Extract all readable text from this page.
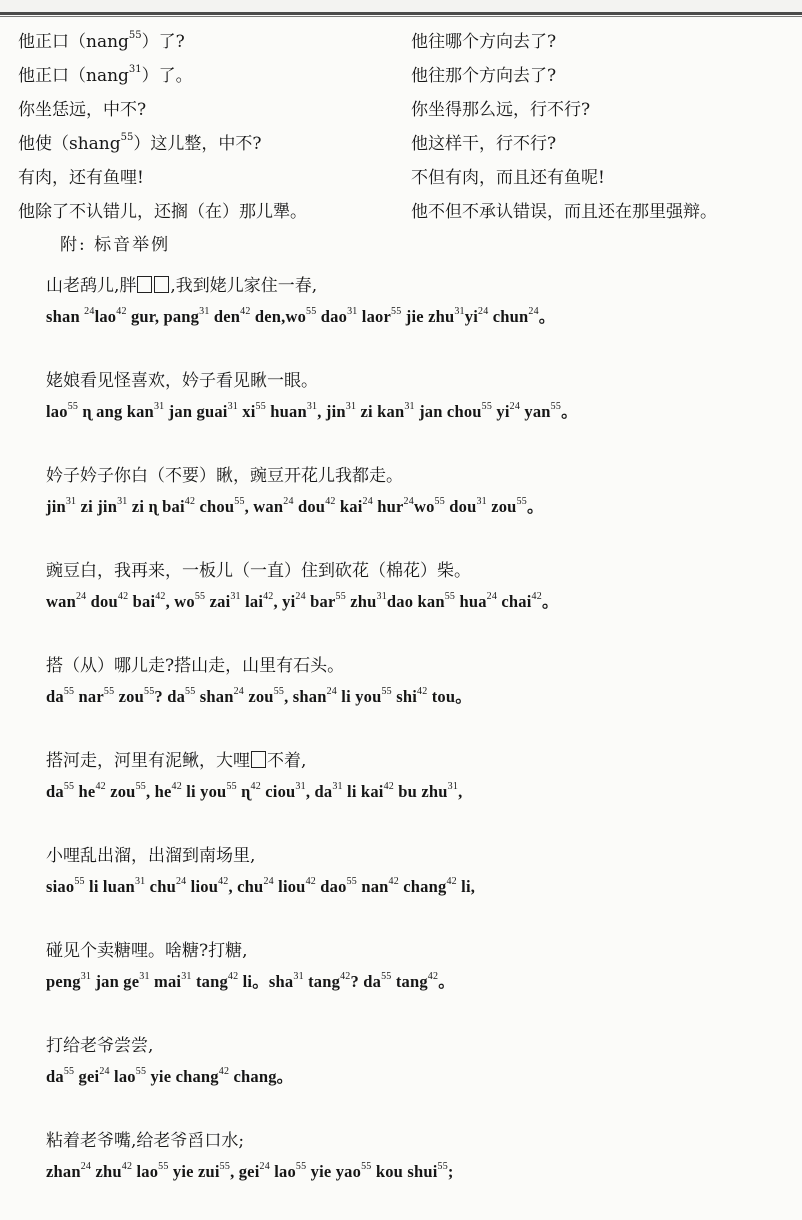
他正口（nang$^{55}$）了?	他往哪个方向去了?
他正口（nang$^{31}$）了。	他往那个方向去了?
你坐恁远，中不?	你坐得那么远，行不行?
他使（shang$^{55}$）这儿整，中不?	他这样干，行不行?
有肉，还有鱼哩!	不但有肉，而且还有鱼呢!
他除了不认错儿，还搁（在）那儿犟。	他不但不承认错误，而且还在那里强辩。
附: 标音举例
山老鸹儿,胖 ,我到姥儿家住一春,
shan $^{24}$lao$^{42}$ gur, pang$^{31}$ den$^{42}$ $den,wo^{55}$ dao$^{31}$ laor$^{55}$ jie $zhu^{31}yi^{24}$ chun$^{24}$。
姥娘看见怪喜欢，妗子看见瞅一眼。
lao$^{55}$ ɳ ang kan$^{31}$ jan guai$^{31}$ $xi^{55}$ huan$^{31}$, jin$^{31}$ zi kan$^{31}$ jan chou$^{55}$ $yi^{24}$ yan$^{55}$。
妗子妗子你白（不要）瞅，豌豆开花儿我都走。
jin$^{31}$ zi jin$^{31}$ zi ɳ bai$^{42}$ chou$^{55}$, wan$^{24}$ dou$^{42}$ kai$^{24}$ $hur^{24}wo^{55}$ dou$^{31}$ zou$^{55}$。
豌豆白，我再来，一板儿（一直）住到砍花（棉花）柴。
wan$^{24}$ dou$^{42}$ bai$^{42}$, $wo^{55}$ zai$^{31}$ lai$^{42}$, $yi^{24}$ bar$^{55}$ zhu$^{31}$dao kan$^{55}$ hua$^{24}$ chai$^{42}$。
搭（从）哪儿走?搭山走，山里有石头。
$da^{55}$ nar$^{55}$ zou$^{55}$? $da^{55}$ shan$^{24}$ zou$^{55}$, shan$^{24}$ li you$^{55}$ shi$^{42}$ tou。
搭河走，河里有泥鳅，大哩 不着,
$da^{55}$ $he^{42}$ zou$^{55}$, $he^{42}$ li you$^{55}$ ɳ$^{42}$ ciou$^{31}$, $da^{31}$ li kai$^{42}$ bu zhu$^{31}$,
小哩乱出溜，出溜到南场里,
siao$^{55}$ li luan$^{31}$ chu$^{24}$ liou$^{42}$, chu$^{24}$ liou$^{42}$ dao$^{55}$ nan$^{42}$ chang$^{42}$ li,
碰见个卖糖哩。啥糖?打糖,
peng$^{31}$ jan $ge^{31}$ mai$^{31}$ tang$^{42}$ li。sha$^{31}$ tang$^{42}$? $da^{55}$ tang$^{42}$。
打给老爷尝尝,
$da^{55}$ gei$^{24}$ lao$^{55}$ yie chang$^{42}$ chang。
粘着老爷嘴,给老爷舀口水;
zhan$^{24}$ zhu$^{42}$ lao$^{55}$ yie zui$^{55}$, gei$^{24}$ lao$^{55}$ yie yao$^{55}$ kou shui$^{55}$;
